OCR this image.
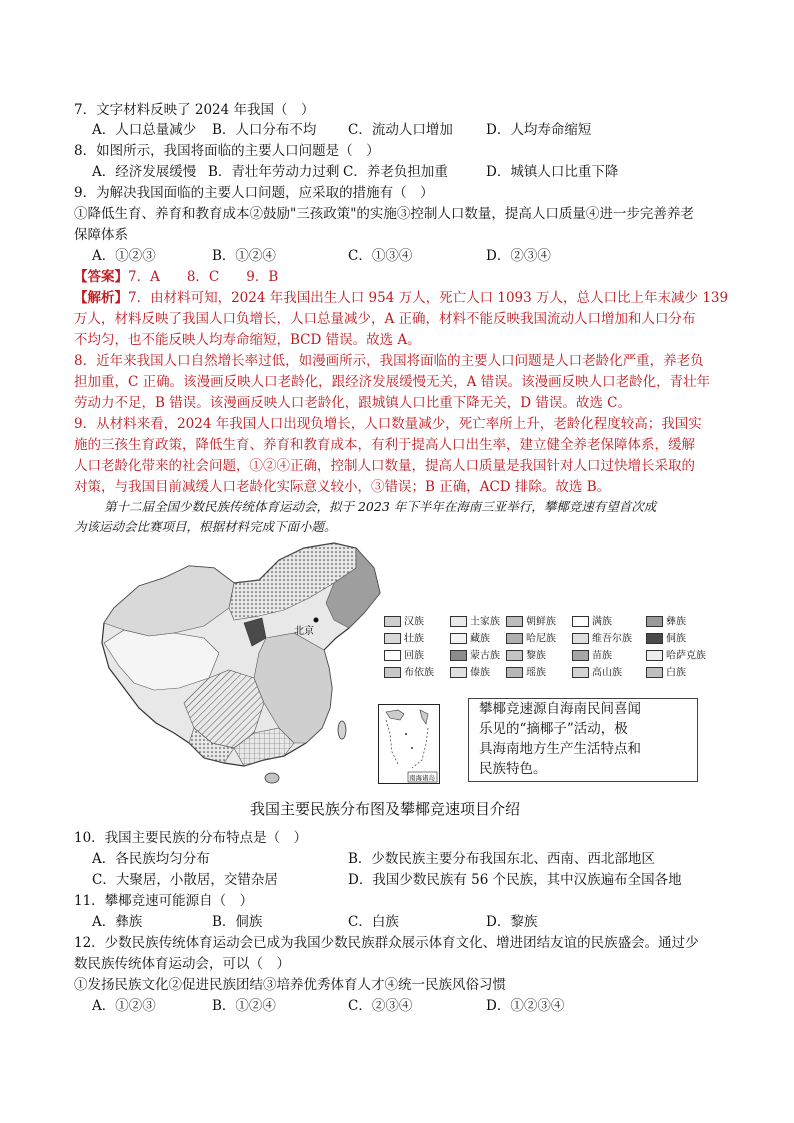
7．文字材料反映了 2024 年我国（　）
A．人口总量减少 B．人口分布不均 C．流动人口增加 D．人均寿命缩短
8．如图所示，我国将面临的主要人口问题是（　）
A．经济发展缓慢 B．青壮年劳动力过剩 C．养老负担加重	D．城镇人口比重下降
9．为解决我国面临的主要人口问题，应采取的措施有（　）
①降低生育、养育和教育成本②鼓励"三孩政策"的实施③控制人口数量，提高人口质量④进一步完善养老
保障体系
A．①②③	B．①②④	C．①③④	D．②③④
【答案】7．A　　8．C　　9．B
【解析】7．由材料可知，2024 年我国出生人口 954 万人，死亡人口 1093 万人，总人口比上年末减少 139
万人，材料反映了我国人口负增长，人口总量减少，A 正确，材料不能反映我国流动人口增加和人口分布
不均匀，也不能反映人均寿命缩短，BCD 错误。故选 A。
8．近年来我国人口自然增长率过低，如漫画所示，我国将面临的主要人口问题是人口老龄化严重，养老负
担加重，C 正确。该漫画反映人口老龄化，跟经济发展缓慢无关，A 错误。该漫画反映人口老龄化，青壮年
劳动力不足，B 错误。该漫画反映人口老龄化，跟城镇人口比重下降无关，D 错误。故选 C。
9．从材料来看，2024 年我国人口出现负增长，人口数量减少，死亡率所上升，老龄化程度较高；我国实
施的三孩生育政策，降低生育、养育和教育成本，有利于提高人口出生率，建立健全养老保障体系，缓解
人口老龄化带来的社会问题，①②④正确，控制人口数量，提高人口质量是我国针对人口过快增长采取的
对策，与我国目前减缓人口老龄化实际意义较小，③错误；B 正确，ACD 排除。故选 B。
第十二届全国少数民族传统体育运动会，拟于 2023 年下半年在海南三亚举行，攀椰竞速有望首次成
为该运动会比赛项目，根据材料完成下面小题。
北京
汉族	土家族	朝鲜族	满族	彝族
壮族	藏族	哈尼族	维吾尔族	侗族
回族	蒙古族	黎族	苗族	哈萨克族
布依族	傣族	瑶族	高山族	白族
南海诸岛
攀椰竞速源自海南民间喜闻
乐见的“摘椰子”活动，极
具海南地方生产生活特点和
民族特色。
我国主要民族分布图及攀椰竞速项目介绍
10．我国主要民族的分布特点是（　）
A．各民族均匀分布	B．少数民族主要分布我国东北、西南、西北部地区
C．大聚居，小散居，交错杂居	D．我国少数民族有 56 个民族，其中汉族遍布全国各地
11．攀椰竞速可能源自（　）
A．彝族	B．侗族	C．白族	D．黎族
12．少数民族传统体育运动会已成为我国少数民族群众展示体育文化、增进团结友谊的民族盛会。通过少
数民族传统体育运动会，可以（　）
①发扬民族文化②促进民族团结③培养优秀体育人才④统一民族风俗习惯
A．①②③	B．①②④	C．②③④	D．①②③④
